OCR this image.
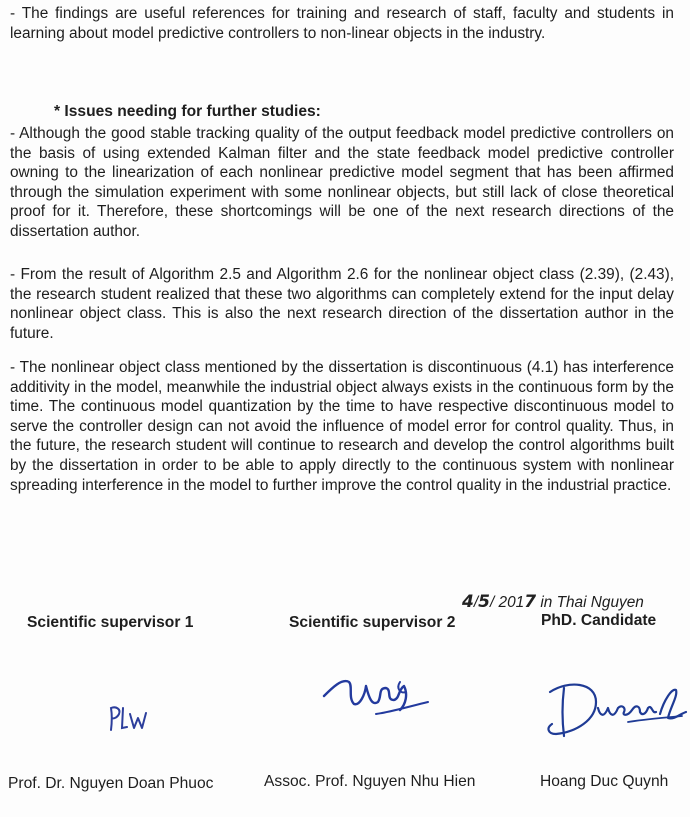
- The findings are useful references for training and research of staff, faculty and students in learning about model predictive controllers to non-linear objects in the industry.

* Issues needing for further studies:

- Although the good stable tracking quality of the output feedback model predictive controllers on the basis of using extended Kalman filter and the state feedback model predictive controller owning to the linearization of each nonlinear predictive model segment that has been affirmed through the simulation experiment with some nonlinear objects, but still lack of close theoretical proof for it. Therefore, these shortcomings will be one of the next research directions of the dissertation author.

- From the result of Algorithm 2.5 and Algorithm 2.6 for the nonlinear object class (2.39), (2.43), the research student realized that these two algorithms can completely extend for the input delay nonlinear object class. This is also the next research direction of the dissertation author in the future.

- The nonlinear object class mentioned by the dissertation is discontinuous (4.1) has interference additivity in the model, meanwhile the industrial object always exists in the continuous form by the time. The continuous model quantization by the time to have respective discontinuous model to serve the controller design can not avoid the influence of model error for control quality. Thus, in the future, the research student will continue to research and develop the control algorithms built by the dissertation in order to be able to apply directly to the continuous system with nonlinear spreading interference in the model to further improve the control quality in the industrial practice.

4/5/ 2017 in Thai Nguyen

Scientific supervisor 1	Scientific supervisor 2	PhD. Candidate

Prof. Dr. Nguyen Doan Phuoc	Assoc. Prof. Nguyen Nhu Hien	Hoang Duc Quynh
